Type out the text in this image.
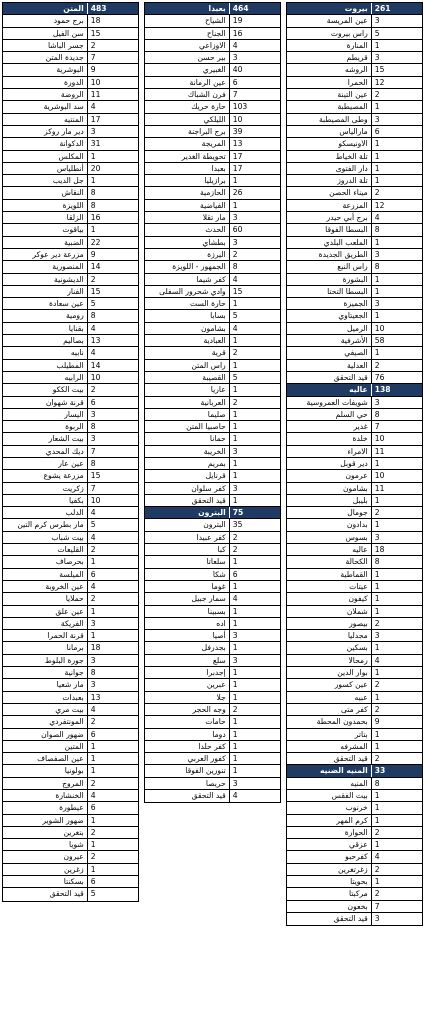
المتن 483
برج حمود 18
سن الفيل 15
جسر الباشا 2
جديدة المتن 7
البوشرية 9
الدورة 10
الروضة 11
سد البوشرية 4
المنتيه 17
دير مار روكز 3
الدكوانة 31
المكلس 1
أنطلياس 20
جل الديب 1
النقاش 8
اللويزة 8
الزلقا 16
بياقوت 1
الضبية 22
مزرعة دير عوكر 9
المنصورية 14
الديشونية 2
الفنار 15
عين سعادة 5
رومية 8
بقنايا 4
بصاليم 13
نابيه 4
المطيلب 14
الرابيه 10
بيت الككو 2
قرنة شهوان 6
اليسار 3
الربوة 8
بيت الشعار 3
ديك المحدي 7
عين عار 8
مزرعة يشوع 15
زكريت 7
بكفيا 10
الدلب 4
مار بطرس كرم التين 5
بيت شباب 4
القليعات 2
بحرصاف 1
الميلسة 6
عين الخروبة 4
حملايا 2
عين علق 1
الفريكة 3
قرنة الحمرا 1
برمانا 18
جورة البلوط 3
جوانية 8
مار شعيا 3
بعبدات 13
بيت مري 4
المونتفردي 2
ضهور الصوان 6
المتين 1
عين الصفصاف 1
بولونيا 1
المروج 2
الخنشارة 4
عيطورة 6
ضهور الشوير 1
بتغرين 2
شويا 1
عيرون 2
زغرين 1
بسكنتا 6
قيد التحقق 5
بعبدا 464
الشياح 19
الجناح 16
الاوزاعي 4
بير حسن 3
الغبيري 40
عين الرمانة 6
فرن الشباك 7
حارة حريك 103
الليلكي 10
برج البراجنة 39
المريجة 13
تحويطة الغدير 17
بعبدا 17
برازيليا 1
الحازمية 26
الفياضية 1
مار تقلا 3
الحدث 60
بطشاي 3
اليرزة 2
الجمهور - اللويزة 8
كفر شيما 4
وادي شحرور السفلى 15
حارة الست 1
بسابا 5
بشامون 4
العبادية 1
قرية 2
راس المتن 1
القصيبة 5
عاريا 1
العربانية 2
صليما 1
حاصبيا المتن 1
حمانا 1
الخريبة 3
بمريم 1
قرنايل 1
كفر سلوان 3
قيد التحقق 1
البترون 75
البترون 35
كفر عبيدا 2
كبا 2
سلعاتا 1
شكا 6
غوما 1
سمار جبيل 4
بسبينا 1
اده 1
أصيا 3
بجدرفل 1
سلع 3
إجدبرا 1
عبرين 1
جلا 1
وجه الحجر 2
حامات 1
دوما 1
كفر حلدا 1
كفور العربي 1
تنورين الفوقا 1
حريصا 3
قيد التحقق 4
بيروت 261
عين المريسة 3
راس بيروت 5
المنارة 1
قريطم 3
الروشه 15
الحمرا 12
عين التينة 2
المصيطبة 1
وطى المصيطبة 3
مارالياس 6
الاونيسكو 1
تلة الخياط 1
دار الفتوى 1
تلة الدروز 1
ميناء الحصن 2
المزرعة 12
برج أبي حيدر 4
البسطا الفوقا 8
الملعب البلدي 1
الطريق الجديدة 3
راس النبع 8
البشورة 1
البسطا التحتا 1
الجميزة 3
الجعيتاوي 1
الرميل 10
الأشرفية 58
الصيفي 1
العدلية 2
قيد التحقق 76
عاليه 138
شويفات العمروسية 3
حي السلم 8
غدير 7
خلدة 10
الامراء 11
دير قوبل 1
عرمون 10
بشامون 11
بليبل 1
جومال 2
بدادون 1
بسوس 3
عاليه 18
الكحالة 8
القماطية 1
عيتات 1
كيفون 1
شملان 1
بيصور 2
مجدليا 3
بسكين 1
رمحالا 4
بوار الدين 1
عين كسور 2
عبيه 1
كفر متى 2
بحمدون المحطة 9
بتاتر 1
المشرفه 1
قيد التحقق 2
المنيه الضنيه 33
المنيه 8
بيت الفقس 1
خرنوب 1
كرم المهر 1
الحوارة 2
عزقي 1
كفرحبو 4
زغرتغرين 2
بحويتا 1
مركبتا 2
بخعون 7
قيد التحقق 3
